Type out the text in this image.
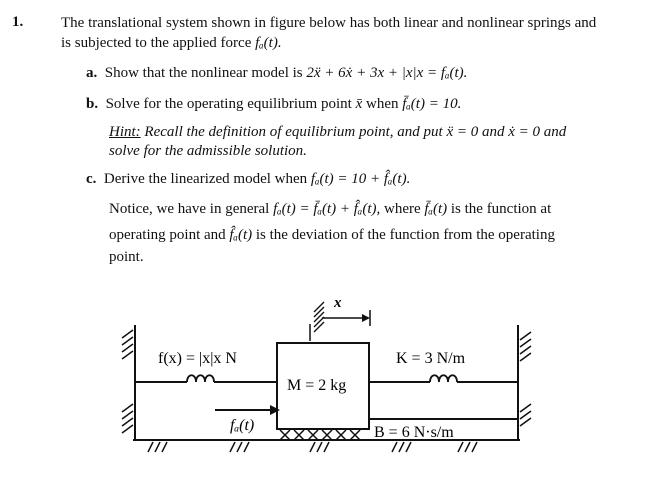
1.	The translational system shown in figure below has both linear and nonlinear springs and
is subjected to the applied force fₐ(t).
a. Show that the nonlinear model is 2ẍ + 6ẋ + 3x + |x|x = fₐ(t).
b. Solve for the operating equilibrium point x̄ when f̄ₐ(t) = 10.
Hint: Recall the definition of equilibrium point, and put ẍ = 0 and ẋ = 0 and
solve for the admissible solution.
c. Derive the linearized model when fₐ(t) = 10 + f̂ₐ(t).
Notice, we have in general fₐ(t) = f̄ₐ(t) + f̂ₐ(t), where f̄ₐ(t) is the function at
operating point and f̂ₐ(t) is the deviation of the function from the operating
point.
x
f(x) = |x|x N
M = 2 kg
K = 3 N/m
fₐ(t)	B = 6 N·s/m
